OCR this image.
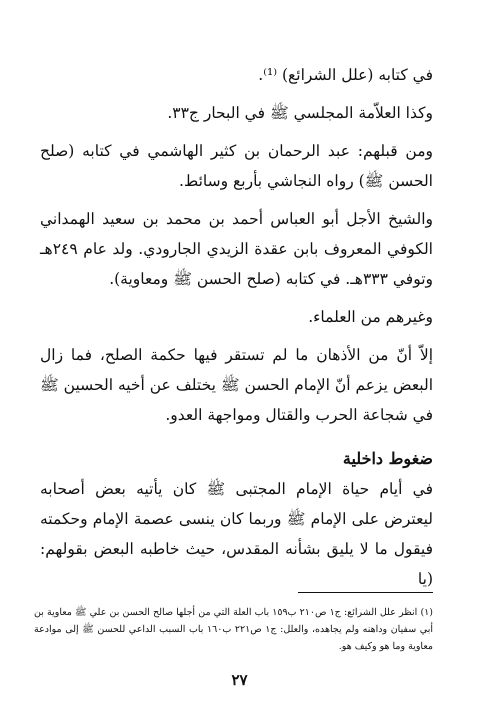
في كتابه (علل الشرائع) ⁽¹⁾.

وكذا العلاّمة المجلسي ﷺ في البحار ج٣٣.

ومن قبلهم: عبد الرحمان بن كثير الهاشمي في كتابه (صلح الحسن ﷺ) رواه النجاشي بأربع وسائط.

والشيخ الأجل أبو العباس أحمد بن محمد بن سعيد الهمداني الكوفي المعروف بابن عقدة الزيدي الجارودي. ولد عام ٢٤٩هـ وتوفي ٣٣٣هـ. في كتابه (صلح الحسن ﷺ ومعاوية).

وغيرهم من العلماء.

إلاّ أنّ من الأذهان ما لم تستقر فيها حكمة الصلح، فما زال البعض يزعم أنّ الإمام الحسن ﷺ يختلف عن أخيه الحسين ﷺ في شجاعة الحرب والقتال ومواجهة العدو.

ضغوط داخلية

في أيام حياة الإمام المجتبى ﷺ كان يأتيه بعض أصحابه ليعترض على الإمام ﷺ وربما كان ينسى عصمة الإمام وحكمته فيقول ما لا يليق بشأنه المقدس، حيث خاطبه البعض بقولهم: (يا

(١) انظر علل الشرائع: ج١ ص٢١٠ ب١٥٩ باب العلة التي من أجلها صالح الحسن بن علي ﷺ معاوية بن أبي سفيان وداهنه ولم يجاهده، والعلل: ج١ ص٢٢١ ب١٦٠ باب السبب الداعي للحسن ﷺ إلى موادعة معاوية وما هو وكيف هو.

٢٧
